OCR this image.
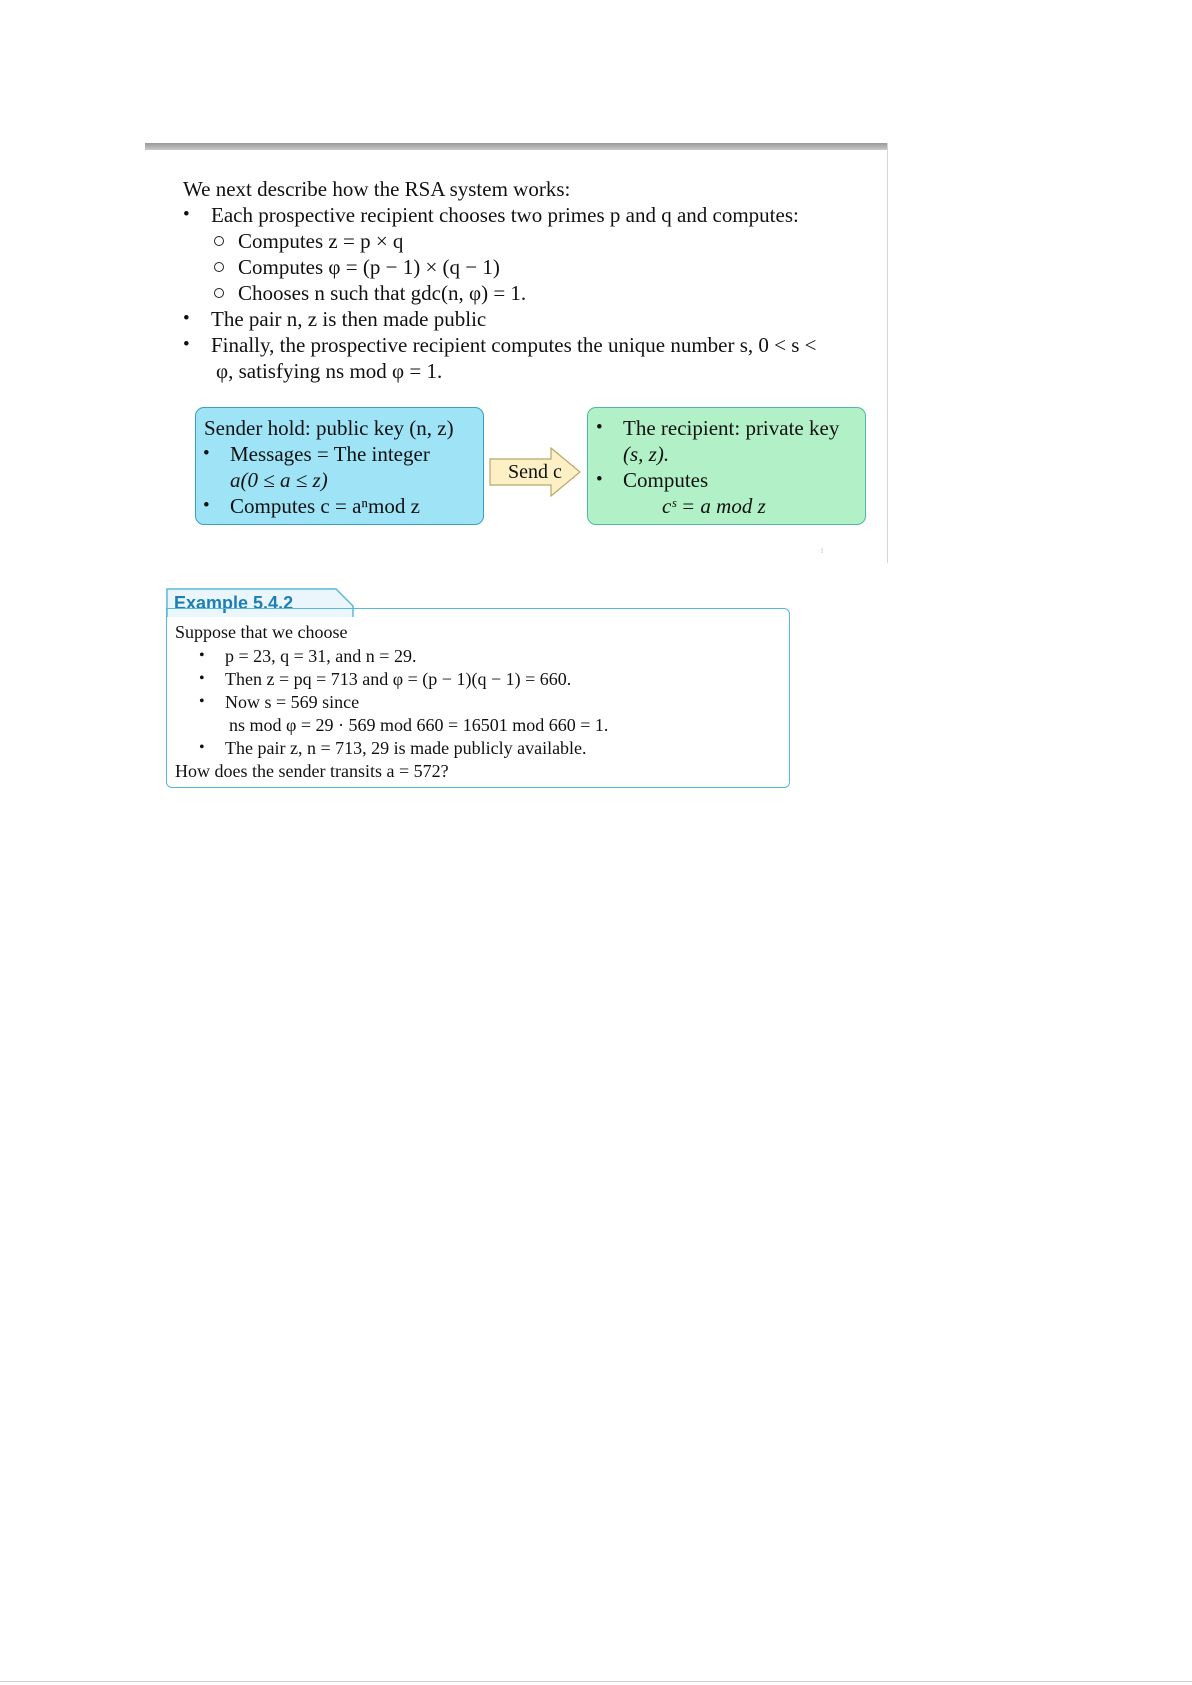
We next describe how the RSA system works:
• Each prospective recipient chooses two primes p and q and computes:
Computes z = p × q
Computes φ = (p − 1) × (q − 1)
Chooses n such that gdc(n, φ) = 1.
• The pair n, z is then made public
• Finally, the prospective recipient computes the unique number s, 0 < s <
φ, satisfying ns mod φ = 1.
Sender hold: public key (n, z)
• Messages = The integer
a(0 ≤ a ≤ z)
• Computes c = aⁿmod z
Send c
• The recipient: private key
(s, z).
• Computes
cˢ = a mod z
⁝
Example 5.4.2
Suppose that we choose
• p = 23, q = 31, and n = 29.
• Then z = pq = 713 and φ = (p − 1)(q − 1) = 660.
• Now s = 569 since
ns mod φ = 29 · 569 mod 660 = 16501 mod 660 = 1.
• The pair z, n = 713, 29 is made publicly available.
How does the sender transits a = 572?
